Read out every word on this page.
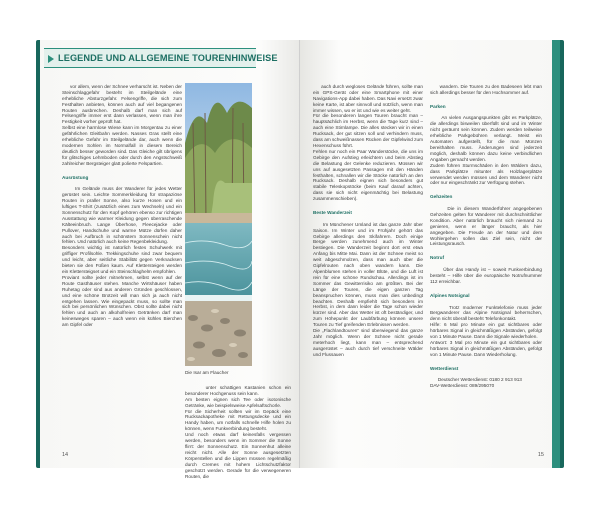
LEGENDE UND ALLGEMEINE TOURENHINWEISE

vor allem, wenn der Schnee verharscht ist. Neben der Steinschlaggefahr besteht im Steilgelände eine erhebliche Absturzgefahr. Felsengriffe, die sich zum Festhalten anbieten, können auch auf viel begangenen Routen ausbrechen. Deshalb darf man sich auf Felsengriffe immer erst dann verlassen, wenn man ihre Festigkeit vorher geprüft hat.
Selbst eine harmlose Wiese kann im Morgentau zu einer gefährlichen Gleitbahn werden. Nasses Gras stellt eine erhebliche Gefahr im Steilgelände dar, auch wenn die modernen Sohlen im Normalfall in diesem Bereich deutlich besser geworden sind. Das Gleiche gilt übrigens für glitschiges Lehmboden oder durch den Angstschweiß zahlreicher Bergsteiger glatt polierte Felspartien.

Ausrüstung

Im Gelände muss der Wanderer für jedes Wetter gerüstet sein. Leichte Sommerkleidung für strapaziöse Routen in praller Sonne, also kurze Hosen und ein luftiges T-Shirt (zusätzlich eines zum Wechseln) und ein Sonnenschutz für den Kopf gehören ebenso zur richtigen Ausstattung wie warmer Kleidung gegen überraschende Kälteeinbruch. Lange Überhose, Fleecejacke oder Pullover, Handschuhe und warme Mütze dürfen daher auch bei Aufbruch in schönstem Sonnenschein nicht fehlen. Und natürlich auch keine Regenbekleidung.
Besonders wichtig ist natürlich festes Schuhwerk mit griffiger Profilsohle. Trekkingschuhe sind zwar bequem und leicht, aber seitliche Stabilität gegen Verknacksen bieten sie den Füßen kaum. Auf Klettersteigen werden ein Klettersteigset und ein Steinschlaghelm empfohlen.
Proviant sollte jeder mitnehmen, selbst wenn auf der Route Gasthäuser stehen. Manche Wirtshäuser haben Ruhetag oder sind aus anderen Gründen geschlossen, und eine schöne Brotzeit will man sich ja auch nicht entgehen lassen. Wie eingepackt muss, so sollte man sich bei persönlichen Wünschen. Obst sollte dabei nicht fehlen und auch an alkoholfreien Getränken darf man keinesweges sparen – auch wenn ein kühles Bierchen am Gipfel oder

Die Isar am Flaucher

unter schattigen Kastanien schon ein besonderer Hochgenuss sein kann.
Am besten eignen sich Tee oder isotonische Getränke, wie beispielsweise Apfelsaftschorle.
Für die Sicherheit sollten wir im Gepäck eine Rucksackapotheke mit Rettungsdecke und ein Handy haben, um notfalls schnelle Hilfe holen zu können, wenn Funkverbindung besteht.
Und noch etwas darf keinesfalls vergessen werden, besonders wenn im Sommer die Sonne flirrt: der Sonnenschutz. Ein Sonnenhut alleine reicht nicht. Alle der Sonne ausgesetzten Körperstellen und die Lippen müssen regelmäßig durch Cremes mit hohem Lichtschutzfaktor geschützt werden. Gerade für die verwegeneren Routen, die

14

auch durch wegloses Gelände führen, sollte man ein GPS-Gerät oder eine Smartphone mit einer Navigations-App dabei haben. Das Navi ersetzt zwar keine Karte, ist aber sinnvoll und nützlich, wenn man immer wissen, wo er ist und wie es weiter geht.
Für die besonderen langen Touren braucht man – hauptsächlich im Herbst, wenn die Tage kurz sind – auch eine Stirnlampe. Die alles stecken wir in einen Rucksack, der gut sitzen soll und verhindern muss, dass am schweißnassen Rücken der Gipfelwind zum Hexenschuss führt.
Fehlen nur noch ein Paar Wanderstöcke, die uns im Gebirge den Aufstieg erleichtern und beim Abstieg die Belastung der Gelenke reduzieren. Müssen wir uns auf ausgesetzten Passagen mit den Händen festhalten, schnallen wir die Stöcke natürlich an den Rucksack. Deshalb eignen sich besonders gut stabile Teleskopstöcke (beim Kauf darauf achten, dass sie sich nicht eigenmächtig bei Belastung zusammenschieben).

Beste Wanderzeit

Im Münchener Umland ist das ganze Jahr über Saison. Im Winter und im Frühjahr gehört das Gebirge allerdings den Skifahrern. Doch einige Berge werden zunehmend auch im Winter bestiegen. Die Wanderzeit beginnt dort erst etwa Anfang bis Mitte Mai. Dann ist der Schnee meist so weit abgeschmolzen, dass man auch über die Gipfelrouten nach oben wandern kann. Die Alpenblumen stehen in voller Blüte, und die Luft ist rein für eine schöne Rundschau. Allerdings ist im Sommer das Gewitterrisiko am größten. Bei der Länge der Touren, die eigen ganzen Tag beanspruchen können, muss man dies unbedingt beachten. Deshalb empfiehlt sich besonders im Herbst, in dem dann leider die Tage schon wieder kürzer sind. Aber das Wetter ist oft beständiger, und zum Höhepunkt der Laubfärbung können unsere Touren zu Tief greifenden Erlebnissen werden.
Die „Flachlandtouren“ sind überwiegend das ganze Jahr möglich. Wenn der Schnee nicht gerade meterhoch liegt, kann man – entsprechend ausgerüstet – auch durch tief verschneite Wälder und Flussauen

wandern. Die Touren zu den Badeseen lebt man sich allerdings besser für den Hochsommer auf.

Parken

An vielen Ausgangspunkten gibt es Parkplätze, die allerdings bisweilen überfüllt sind und im Winter nicht geräumt sein können. Zudem werden teilweise erhebliche Parkgebühren verlangt. Meist ein Automaten aufgestellt, für die man Münzen bereithalten muss. Änderungen sind jederzeit möglich, deshalb können dazu keine verbindlichen Angaben gemacht werden.
Zudem führen Sturmschäden in den Wäldern dazu, dass Parkplätze mitunter als Holzlagerplätze verwendet werden müssen und dem Wanderer nicht oder nur eingeschränkt zur Verfügung stehen.

Gehzeiten

Die in diesem Wanderführer angegebenen Gehzeiten gelten für Wanderer mit durchschnittlicher Kondition. Aber natürlich braucht sich niemand zu genieren, wenn er länger braucht, als hier angegeben. Die Freude an der Natur und dem Wohlergehen sollen das Ziel sein, nicht der Leistungsrausch.

Notruf

Über das Handy ist – soweit Funkverbindung besteht – Hilfe über die europäische Notrufnummer 112 erreichbar.

Alpines Notsignal

Trotz moderner Funktelefonie muss jeder Bergwanderer das Alpine Notsignal beherrschen, denn nicht überall besteht Telefonkontakt.
Hilfe: 6 Mal pro Minute ein gut sichtbares oder hörbares Signal in gleichmäßigen Abständen, gefolgt von 1 Minute Pause. Dann die Signale wiederholen.
Antwort: 3 Mal pro Minute ein gut sichtbares oder hörbares Signal in gleichmäßigen Abständen, gefolgt von 1 Minute Pause. Dann Wiederholung.

Wetterdienst

Deutscher Wetterdienst: 0180 2 913 913
DAV-Wetterdienst: 089/295070

15
